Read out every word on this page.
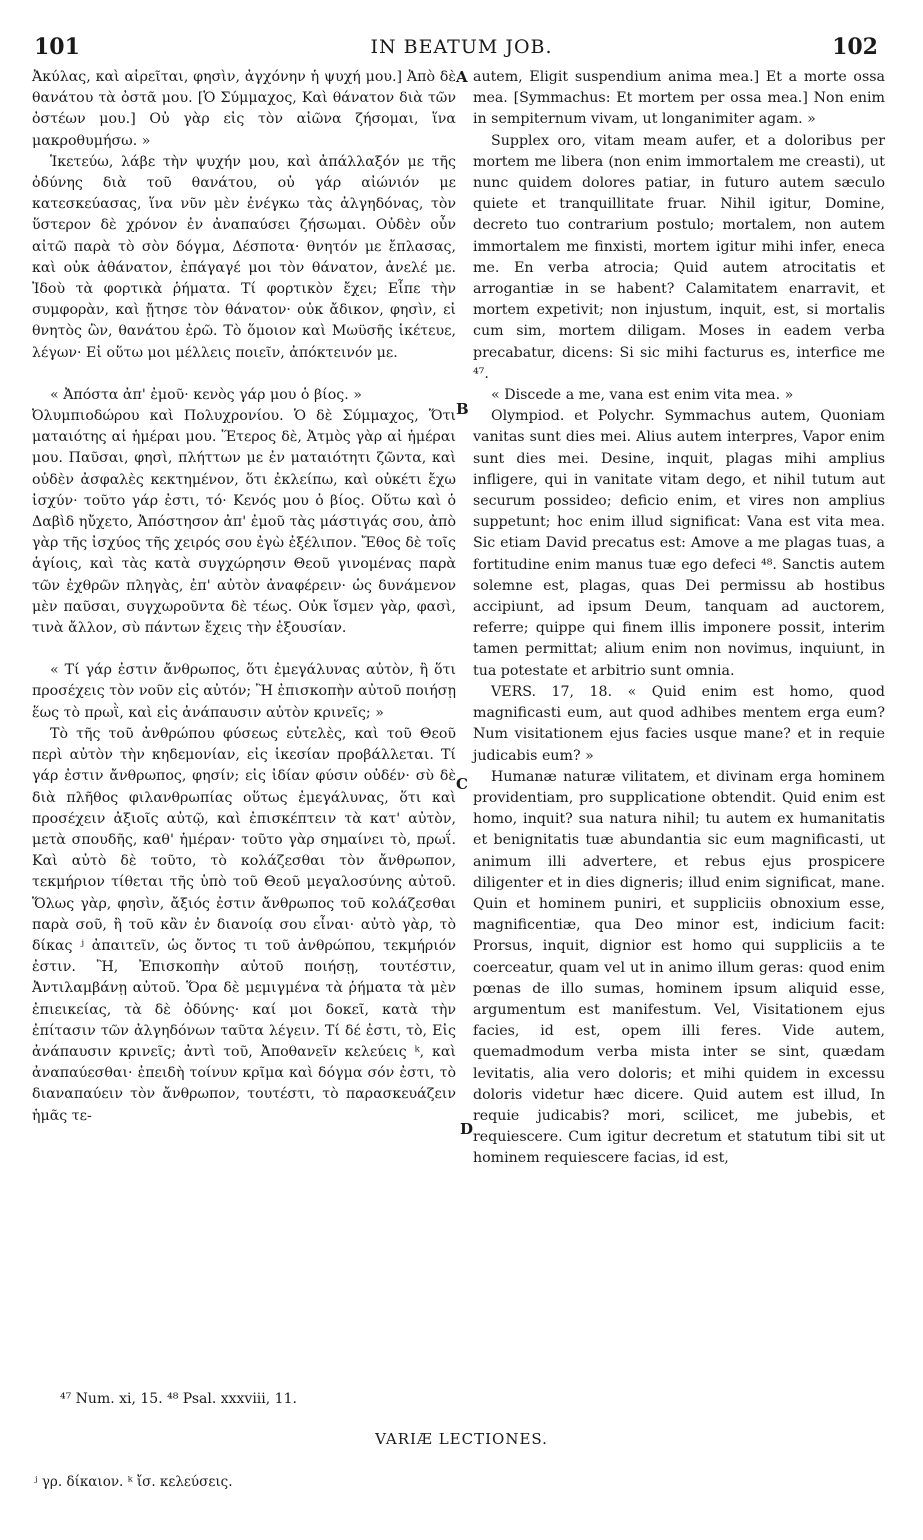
101	IN BEATUM JOB.	102

Ἀκύλας, καὶ αἱρεῖται, φησὶν, ἀγχόνην ἡ ψυχή μου.] Ἀπὸ δὲ θανάτου τὰ ὀστᾶ μου. [Ὁ Σύμμαχος, Καὶ θάνατον διὰ τῶν ὀστέων μου.] Οὐ γὰρ εἰς τὸν αἰῶνα ζήσομαι, ἵνα μακροθυμήσω. »

Ἱκετεύω, λάβε τὴν ψυχήν μου, καὶ ἀπάλλαξόν με τῆς ὀδύνης διὰ τοῦ θανάτου, οὐ γάρ αἰώνιόν με κατεσκεύασας, ἵνα νῦν μὲν ἐνέγκω τὰς ἀλγηδόνας, τὸν ὕστερον δὲ χρόνον ἐν ἀναπαύσει ζήσωμαι. Οὐδὲν οὖν αἰτῶ παρὰ τὸ σὸν δόγμα, Δέσποτα· θνητόν με ἔπλασας, καὶ οὐκ ἀθάνατον, ἐπάγαγέ μοι τὸν θάνατον, ἀνελέ με. Ἰδοὺ τὰ φορτικὰ ῥήματα. Τί φορτικὸν ἔχει; Εἶπε τὴν συμφορὰν, καὶ ᾔτησε τὸν θάνατον· οὐκ ἄδικον, φησὶν, εἰ θνητὸς ὢν, θανάτου ἐρῶ. Τὸ ὅμοιον καὶ Μωϋσῆς ἱκέτευε, λέγων· Εἰ οὕτω μοι μέλλεις ποιεῖν, ἀπόκτεινόν με.

« Ἀπόστα ἀπ' ἐμοῦ· κενὸς γάρ μου ὁ βίος. »

Ὀλυμπιοδώρου καὶ Πολυχρονίου. Ὁ δὲ Σύμμαχος, Ὅτι ματαιότης αἱ ἡμέραι μου. Ἕτερος δὲ, Ἀτμὸς γὰρ αἱ ἡμέραι μου. Παῦσαι, φησὶ, πλήττων με ἐν ματαιότητι ζῶντα, καὶ οὐδὲν ἀσφαλὲς κεκτημένον, ὅτι ἐκλείπω, καὶ οὐκέτι ἔχω ἰσχύν· τοῦτο γάρ ἐστι, τό· Κενός μου ὁ βίος. Οὕτω καὶ ὁ Δαβὶδ ηὔχετο, Ἀπόστησον ἀπ' ἐμοῦ τὰς μάστιγάς σου, ἀπὸ γὰρ τῆς ἰσχύος τῆς χειρός σου ἐγὼ ἐξέλιπον. Ἔθος δὲ τοῖς ἁγίοις, καὶ τὰς κατὰ συγχώρησιν Θεοῦ γινομένας παρὰ τῶν ἐχθρῶν πληγὰς, ἐπ' αὐτὸν ἀναφέρειν· ὡς δυνάμενον μὲν παῦσαι, συγχωροῦντα δὲ τέως. Οὐκ ἴσμεν γὰρ, φασὶ, τινὰ ἄλλον, σὺ πάντων ἔχεις τὴν ἐξουσίαν.

« Τί γάρ ἐστιν ἄνθρωπος, ὅτι ἐμεγάλυνας αὐτὸν, ἢ ὅτι προσέχεις τὸν νοῦν εἰς αὐτόν; Ἢ ἐπισκοπὴν αὐτοῦ ποιήσῃ ἕως τὸ πρωῒ, καὶ εἰς ἀνάπαυσιν αὐτὸν κρινεῖς; »

Τὸ τῆς τοῦ ἀνθρώπου φύσεως εὐτελὲς, καὶ τοῦ Θεοῦ περὶ αὐτὸν τὴν κηδεμονίαν, εἰς ἱκεσίαν προβάλλεται. Τί γάρ ἐστιν ἄνθρωπος, φησίν; εἰς ἰδίαν φύσιν οὐδέν· σὺ δὲ διὰ πλῆθος φιλανθρωπίας οὕτως ἐμεγάλυνας, ὅτι καὶ προσέχειν ἀξιοῖς αὐτῷ, καὶ ἐπισκέπτειν τὰ κατ' αὐτὸν, μετὰ σπουδῆς, καθ' ἡμέραν· τοῦτο γὰρ σημαίνει τὸ, πρωΐ. Καὶ αὐτὸ δὲ τοῦτο, τὸ κολάζεσθαι τὸν ἄνθρωπον, τεκμήριον τίθεται τῆς ὑπὸ τοῦ Θεοῦ μεγαλοσύνης αὐτοῦ. Ὅλως γὰρ, φησὶν, ἄξιός ἐστιν ἄνθρωπος τοῦ κολάζεσθαι παρὰ σοῦ, ἢ τοῦ κἂν ἐν διανοίᾳ σου εἶναι· αὐτὸ γὰρ, τὸ δίκας ʲ ἀπαιτεῖν, ὡς ὄντος τι τοῦ ἀνθρώπου, τεκμήριόν ἐστιν. Ἢ, Ἐπισκοπὴν αὐτοῦ ποιήσῃ, τουτέστιν, Ἀντιλαμβάνῃ αὐτοῦ. Ὅρα δὲ μεμιγμένα τὰ ῥήματα τὰ μὲν ἐπιεικείας, τὰ δὲ ὀδύνης· καί μοι δοκεῖ, κατὰ τὴν ἐπίτασιν τῶν ἀλγηδόνων ταῦτα λέγειν. Τί δέ ἐστι, τὸ, Εἰς ἀνάπαυσιν κρινεῖς; ἀντὶ τοῦ, Ἀποθανεῖν κελεύεις ᵏ, καὶ ἀναπαύεσθαι· ἐπειδὴ τοίνυν κρῖμα καὶ δόγμα σόν ἐστι, τὸ διαναπαύειν τὸν ἄνθρωπον, τουτέστι, τὸ παρασκευάζειν ἡμᾶς τε-

A
B
C
D

autem, Eligit suspendium anima mea.] Et a morte ossa mea. [Symmachus: Et mortem per ossa mea.] Non enim in sempiternum vivam, ut longanimiter agam. »

Supplex oro, vitam meam aufer, et a doloribus per mortem me libera (non enim immortalem me creasti), ut nunc quidem dolores patiar, in futuro autem sæculo quiete et tranquillitate fruar. Nihil igitur, Domine, decreto tuo contrarium postulo; mortalem, non autem immortalem me finxisti, mortem igitur mihi infer, eneca me. En verba atrocia; Quid autem atrocitatis et arrogantiæ in se habent? Calamitatem enarravit, et mortem expetivit; non injustum, inquit, est, si mortalis cum sim, mortem diligam. Moses in eadem verba precabatur, dicens: Si sic mihi facturus es, interfice me ⁴⁷.

« Discede a me, vana est enim vita mea. »

Olympiod. et Polychr. Symmachus autem, Quoniam vanitas sunt dies mei. Alius autem interpres, Vapor enim sunt dies mei. Desine, inquit, plagas mihi amplius infligere, qui in vanitate vitam dego, et nihil tutum aut securum possideo; deficio enim, et vires non amplius suppetunt; hoc enim illud significat: Vana est vita mea. Sic etiam David precatus est: Amove a me plagas tuas, a fortitudine enim manus tuæ ego defeci ⁴⁸. Sanctis autem solemne est, plagas, quas Dei permissu ab hostibus accipiunt, ad ipsum Deum, tanquam ad auctorem, referre; quippe qui finem illis imponere possit, interim tamen permittat; alium enim non novimus, inquiunt, in tua potestate et arbitrio sunt omnia.

VERS. 17, 18. « Quid enim est homo, quod magnificasti eum, aut quod adhibes mentem erga eum? Num visitationem ejus facies usque mane? et in requie judicabis eum? »

Humanæ naturæ vilitatem, et divinam erga hominem providentiam, pro supplicatione obtendit. Quid enim est homo, inquit? sua natura nihil; tu autem ex humanitatis et benignitatis tuæ abundantia sic eum magnificasti, ut animum illi advertere, et rebus ejus prospicere diligenter et in dies digneris; illud enim significat, mane. Quin et hominem puniri, et suppliciis obnoxium esse, magnificentiæ, qua Deo minor est, indicium facit: Prorsus, inquit, dignior est homo qui suppliciis a te coerceatur, quam vel ut in animo illum geras: quod enim pœnas de illo sumas, hominem ipsum aliquid esse, argumentum est manifestum. Vel, Visitationem ejus facies, id est, opem illi feres. Vide autem, quemadmodum verba mista inter se sint, quædam levitatis, alia vero doloris; et mihi quidem in excessu doloris videtur hæc dicere. Quid autem est illud, In requie judicabis? mori, scilicet, me jubebis, et requiescere. Cum igitur decretum et statutum tibi sit ut hominem requiescere facias, id est,

⁴⁷ Num. xi, 15. ⁴⁸ Psal. xxxviii, 11.
VARIÆ LECTIONES.
ʲ γρ. δίκαιον. ᵏ ἴσ. κελεύσεις.
